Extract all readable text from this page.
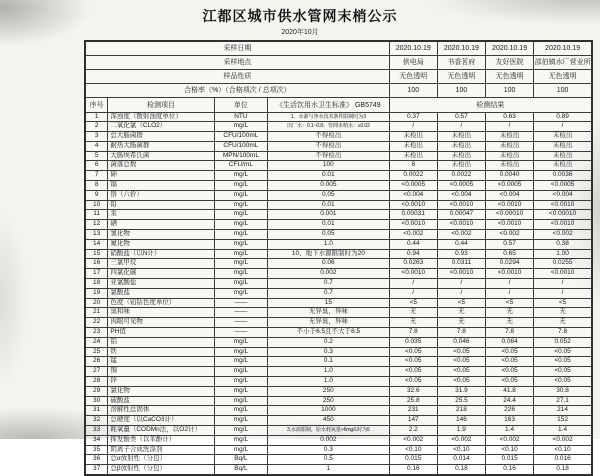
江都区城市供水管网末梢公示
2020年10月
采样日期				2020.10.19	2020.10.19	2020.10.19	2020.10.19
采样地点				供电局	书香茗府	友好医院	邵伯镇水厂营业所
样品性质				无色透明	无色透明	无色透明	无色透明
合格率（%）（合格项次 / 总项次）				100	100	100	100
序号	检测项目	单位	《生活饮用水卫生标准》 GB5749	检测结果			
1	浑浊度（散射浊度单位）	NTU	1、水源与净水技术条件限制时为3	0.37	0.57	0.63	0.89
2	二氧化氯（CLO2）	mg/L	出厂水：0.1~0.8；管网末梢水：≥0.02	/	/	/	/
3	总大肠菌群	CFU/100mL	不得检出	未检出	未检出	未检出	未检出
4	耐热大肠菌群	CFU/100mL	不得检出	未检出	未检出	未检出	未检出
5	大肠埃希氏菌	MPN/100mL	不得检出	未检出	未检出	未检出	未检出
6	菌落总数	CFU/mL	100	8	未检出	未检出	未检出
7	砷	mg/L	0.01	0.0022	0.0022	0.0040	0.0036
8	镉	mg/L	0.005	<0.0005	<0.0005	<0.0005	<0.0005
9	铬（六价）	mg/L	0.05	<0.004	<0.004	<0.004	<0.004
10	铅	mg/L	0.01	<0.0010	<0.0010	<0.0010	<0.0010
11	汞	mg/L	0.001	0.00031	0.00047	<0.00010	<0.00010
12	硒	mg/L	0.01	<0.0010	<0.0010	<0.0010	<0.0010
13	氰化物	mg/L	0.05	<0.002	<0.002	<0.002	<0.002
14	氟化物	mg/L	1.0	0.44	0.44	0.57	0.38
15	硝酸盐（以N计）	mg/L	10、地下水源限制时为20	0.94	0.93	0.65	1.00
16	三氯甲烷	mg/L	0.06	0.0263	0.0311	0.0294	0.0255
17	四氯化碳	mg/L	0.002	<0.0010	<0.0010	<0.0010	<0.0010
18	亚氯酸盐	mg/L	0.7	/	/	/	/
19	氯酸盐	mg/L	0.7	/	/	/	/
20	色度（铂钴色度单位）	——	15	<5	<5	<5	<5
21	臭和味	——	无异臭，异味	无	无	无	无
22	肉眼可见物	——	无异臭，异味	无	无	无	无
23	PH值	——	不小于6.5且不大于8.5	7.8	7.8	7.8	7.8
24	铝	mg/L	0.2	0.035	0.046	0.064	0.052
25	铁	mg/L	0.3	<0.05	<0.05	<0.05	<0.05
26	锰	mg/L	0.1	<0.05	<0.05	<0.05	<0.05
27	铜	mg/L	1.0	<0.05	<0.05	<0.05	<0.05
28	锌	mg/L	1.0	<0.05	<0.05	<0.05	<0.05
29	氯化物	mg/L	250	32.6	31.9	41.8	30.8
30	硫酸盐	mg/L	250	25.8	25.5	24.4	27.1
31	溶解性总固体	mg/L	1000	231	218	226	214
32	总硬度（以CaCO3计）	mg/L	450	147	146	163	152
33	耗氧量（CODMn法，以O2计）	mg/L	3,水源限制，原水耗氧量>6mg/L时为5	2.2	1.9	1.4	1.4
34	挥发酚类（以苯酚计）	mg/L	0.002	<0.002	<0.002	<0.002	<0.002
35	阴离子合成洗涤剂	mg/L	0.3	<0.10	<0.10	<0.10	<0.10
36	总α放射性（分包）	Bq/L	0.5	0.015	0.014	0.015	0.016
37	总β放射性（分包）	Bq/L	1	0.16	0.18	0.16	0.18
